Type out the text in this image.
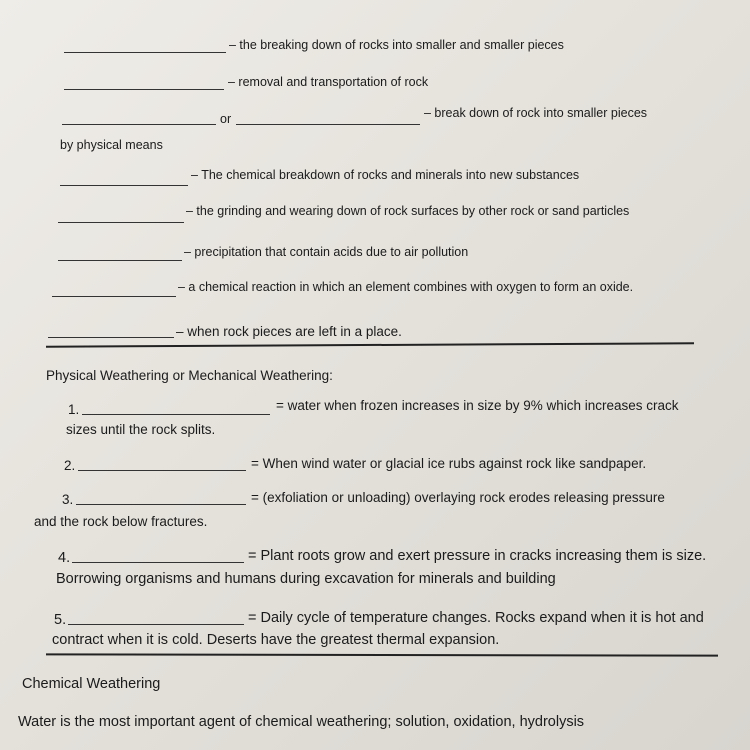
– the breaking down of rocks into smaller and smaller pieces
– removal and transportation of rock
or	– break down of rock into smaller pieces
by physical means
– The chemical breakdown of rocks and minerals into new substances
– the grinding and wearing down of rock surfaces by other rock or sand particles
– precipitation that contain acids due to air pollution
– a chemical reaction in which an element combines with oxygen to form an oxide.
– when rock pieces are left in a place.
Physical Weathering or Mechanical Weathering:
1.	= water when frozen increases in size by 9% which increases crack
sizes until the rock splits.
2.	= When wind water or glacial ice rubs against rock like sandpaper.
3.	= (exfoliation or unloading) overlaying rock erodes releasing pressure
and the rock below fractures.
4.	= Plant roots grow and exert pressure in cracks increasing them is size.
Borrowing organisms and humans during excavation for minerals and building
5.	= Daily cycle of temperature changes. Rocks expand when it is hot and
contract when it is cold. Deserts have the greatest thermal expansion.
Chemical Weathering
Water is the most important agent of chemical weathering; solution, oxidation, hydrolysis
